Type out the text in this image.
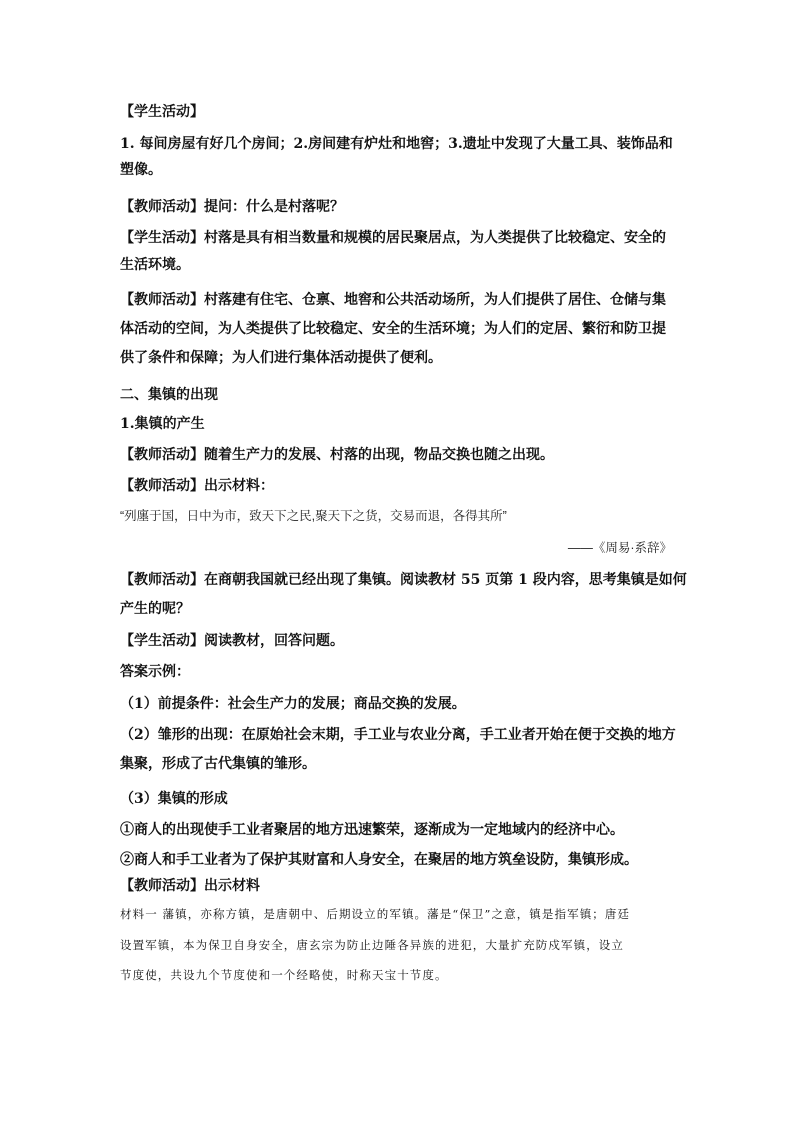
【学生活动】
1. 每间房屋有好几个房间；2.房间建有炉灶和地窖；3.遗址中发现了大量工具、装饰品和
塑像。
【教师活动】提问：什么是村落呢？
【学生活动】村落是具有相当数量和规模的居民聚居点，为人类提供了比较稳定、安全的
生活环境。
【教师活动】村落建有住宅、仓禀、地窖和公共活动场所，为人们提供了居住、仓储与集
体活动的空间，为人类提供了比较稳定、安全的生活环境；为人们的定居、繁衍和防卫提
供了条件和保障；为人们进行集体活动提供了便利。
二、集镇的出现
1.集镇的产生
【教师活动】随着生产力的发展、村落的出现，物品交换也随之出现。
【教师活动】出示材料：
“列廛于国，日中为市，致天下之民,聚天下之货，交易而退，各得其所”
——《周易·系辞》
【教师活动】在商朝我国就已经出现了集镇。阅读教材 55 页第 1 段内容，思考集镇是如何
产生的呢？
【学生活动】阅读教材，回答问题。
答案示例：
（1）前提条件：社会生产力的发展；商品交换的发展。
（2）雏形的出现：在原始社会末期，手工业与农业分离，手工业者开始在便于交换的地方
集聚，形成了古代集镇的雏形。
（3）集镇的形成
①商人的出现使手工业者聚居的地方迅速繁荣，逐渐成为一定地域内的经济中心。
②商人和手工业者为了保护其财富和人身安全，在聚居的地方筑垒设防，集镇形成。
【教师活动】出示材料
材料一 藩镇，亦称方镇，是唐朝中、后期设立的军镇。藩是“保卫”之意，镇是指军镇；唐廷
设置军镇，本为保卫自身安全，唐玄宗为防止边陲各异族的进犯，大量扩充防戍军镇，设立
节度使，共设九个节度使和一个经略使，时称天宝十节度。
